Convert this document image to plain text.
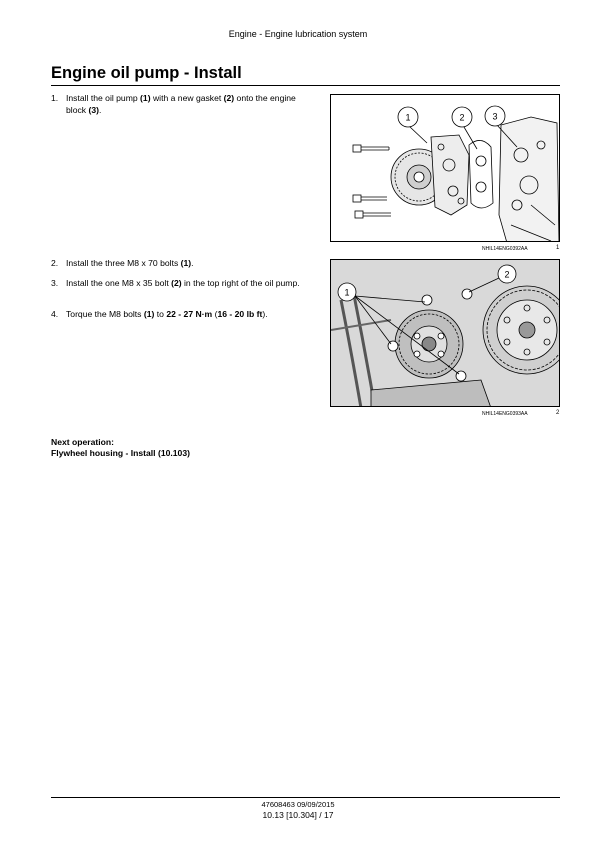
Engine - Engine lubrication system
Engine oil pump - Install
1. Install the oil pump (1) with a new gasket (2) onto the engine block (3).
1	2	3
NHIL14ENG0392AA	1
2. Install the three M8 x 70 bolts (1).
3. Install the one M8 x 35 bolt (2) in the top right of the oil pump.
4. Torque the M8 bolts (1) to 22 - 27 N·m (16 - 20 lb ft).
1
2
NHIL14ENG0393AA	2
Next operation:
Flywheel housing - Install (10.103)
47608463 09/09/2015
10.13 [10.304] / 17
